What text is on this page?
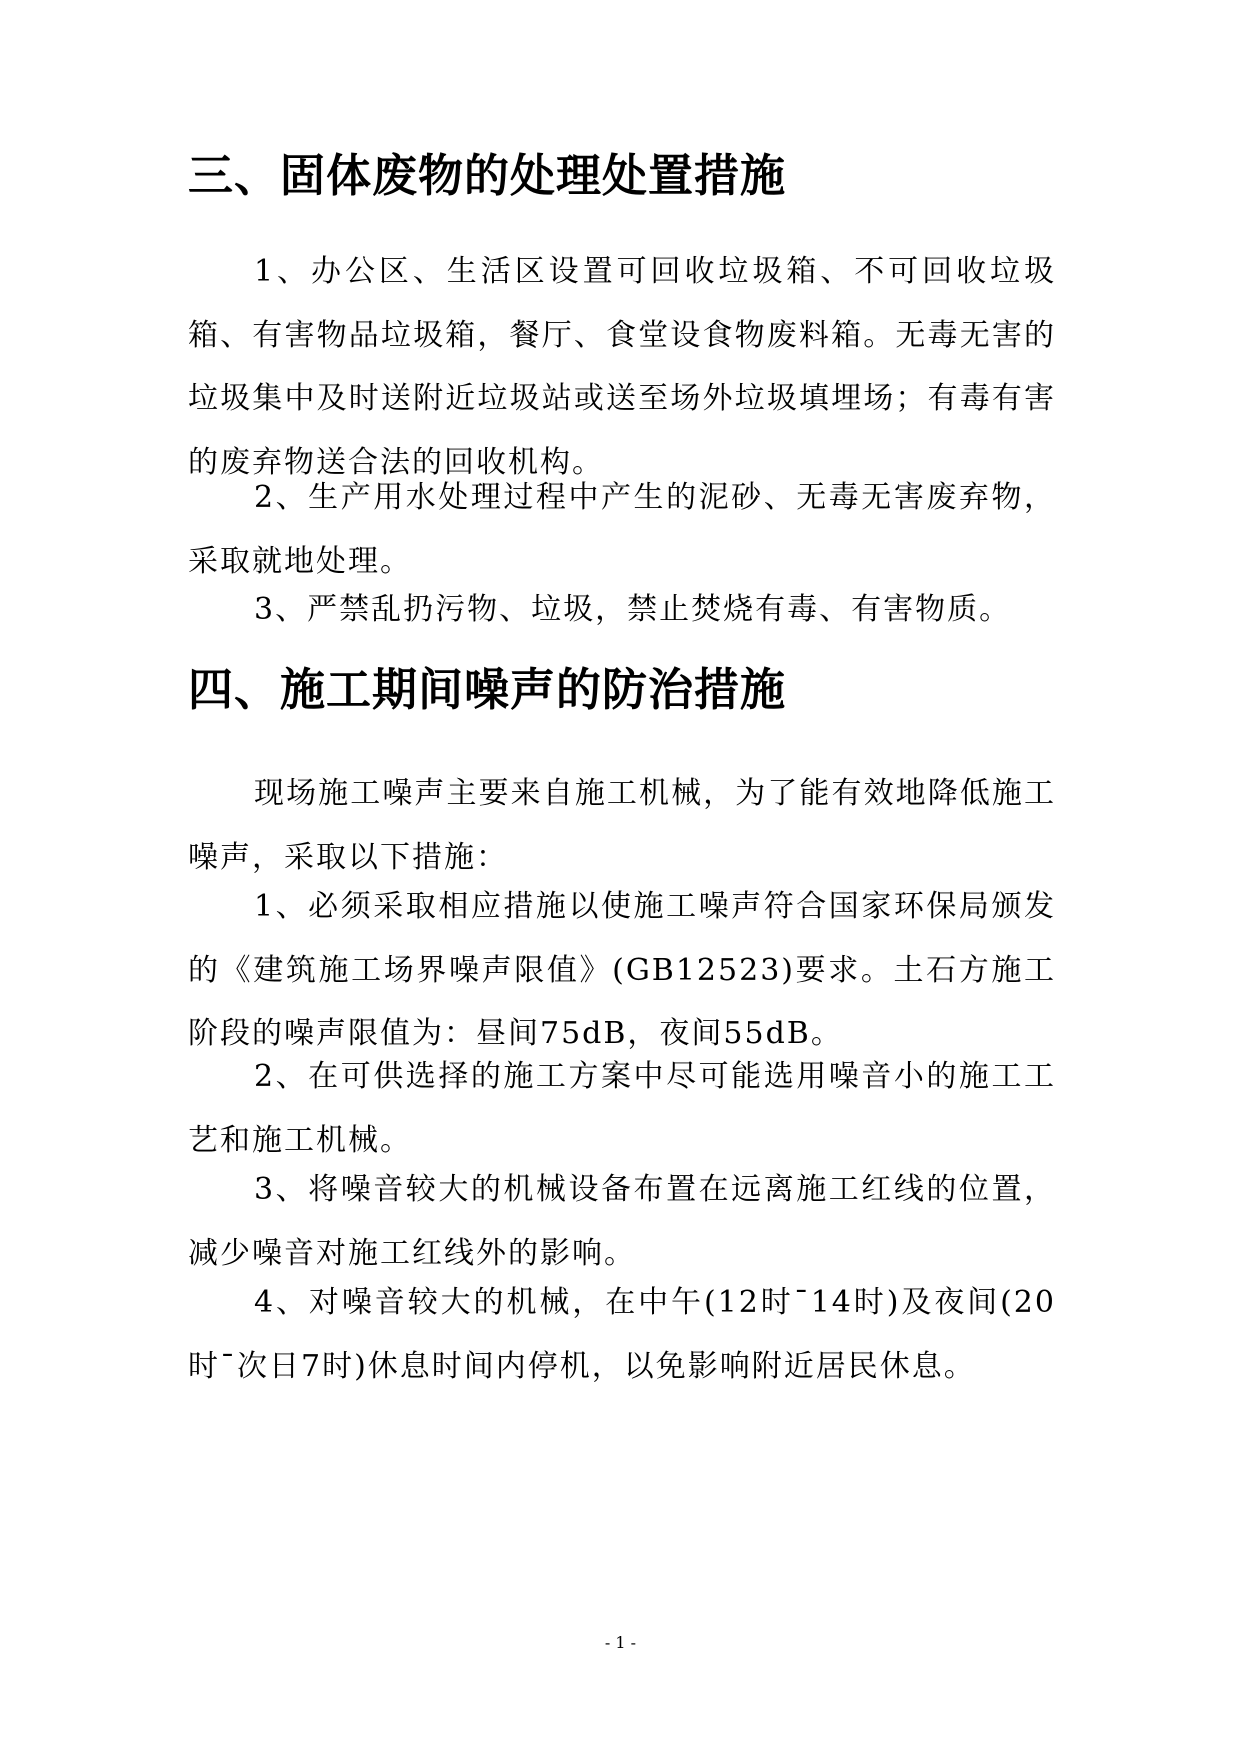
三、固体废物的处理处置措施

1、办公区、生活区设置可回收垃圾箱、不可回收垃圾箱、有害物品垃圾箱，餐厅、食堂设食物废料箱。无毒无害的垃圾集中及时送附近垃圾站或送至场外垃圾填埋场；有毒有害的废弃物送合法的回收机构。

2、生产用水处理过程中产生的泥砂、无毒无害废弃物，采取就地处理。

3、严禁乱扔污物、垃圾，禁止焚烧有毒、有害物质。

四、施工期间噪声的防治措施

现场施工噪声主要来自施工机械，为了能有效地降低施工噪声，采取以下措施：

1、必须采取相应措施以使施工噪声符合国家环保局颁发的《建筑施工场界噪声限值》(GB12523)要求。土石方施工阶段的噪声限值为：昼间75dB，夜间55dB。

2、在可供选择的施工方案中尽可能选用噪音小的施工工艺和施工机械。

3、将噪音较大的机械设备布置在远离施工红线的位置，减少噪音对施工红线外的影响。

4、对噪音较大的机械，在中午(12时¯14时)及夜间(20时¯次日7时)休息时间内停机，以免影响附近居民休息。

- 1 -
